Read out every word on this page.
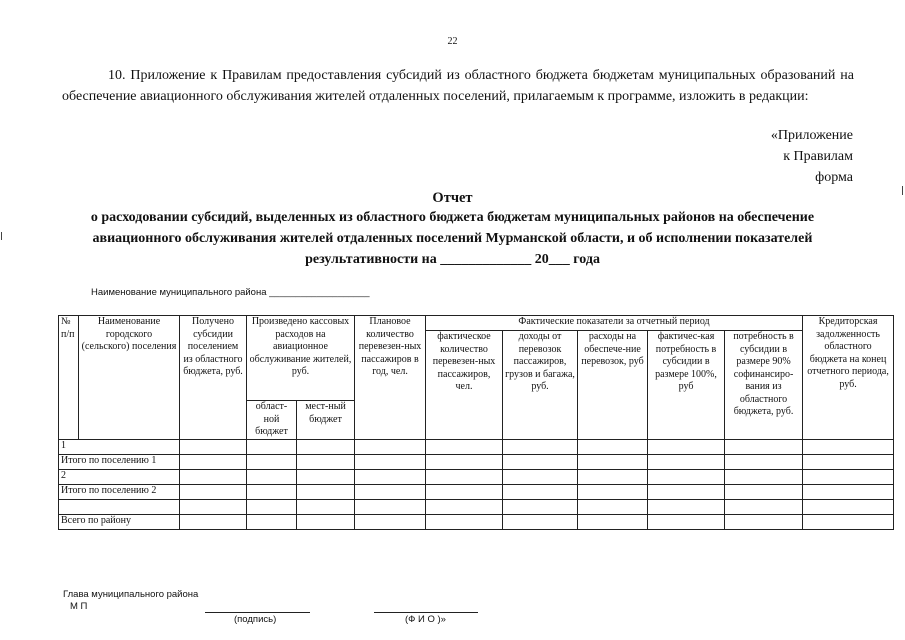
22
10. Приложение к Правилам предоставления субсидий из областного бюджета бюджетам муниципальных образований на обеспечение авиационного обслуживания жителей отдаленных поселений, прилагаемым к программе, изложить в редакции:
«Приложение
к Правилам
форма
Отчет
о расходовании субсидий, выделенных из областного бюджета бюджетам муниципальных районов на обеспечение
авиационного обслуживания жителей отдаленных поселений Мурманской области, и об исполнении показателей
результативности на _____________ 20___ года
Наименование муниципального района ___________________
№ п/п	Наименование городского (сельского) поселения	Получено субсидии поселением из областного бюджета, руб.	Произведено кассовых расходов на авиационное обслуживание жителей, руб.		Плановое количество перевезен-ных пассажиров в год, чел.	Фактические показатели за отчетный период					Кредиторская задолженность областного бюджета на конец отчетного периода, руб.
						фактическое количество перевезен-ных пассажиров, чел.	доходы от перевозок пассажиров, грузов и багажа, руб.	расходы на обеспече-ние перевозок, руб	фактичес-кая потребность в субсидии в размере 100%, руб	потребность в субсидии в размере 90% софинансиро-вания из областного бюджета, руб.	
			област-ной бюджет	мест-ный бюджет							
1											
Итого по поселению 1											
2											
Итого по поселению 2											

Всего по району											
Глава муниципального района
М П
(подпись)	(Ф И О )»
